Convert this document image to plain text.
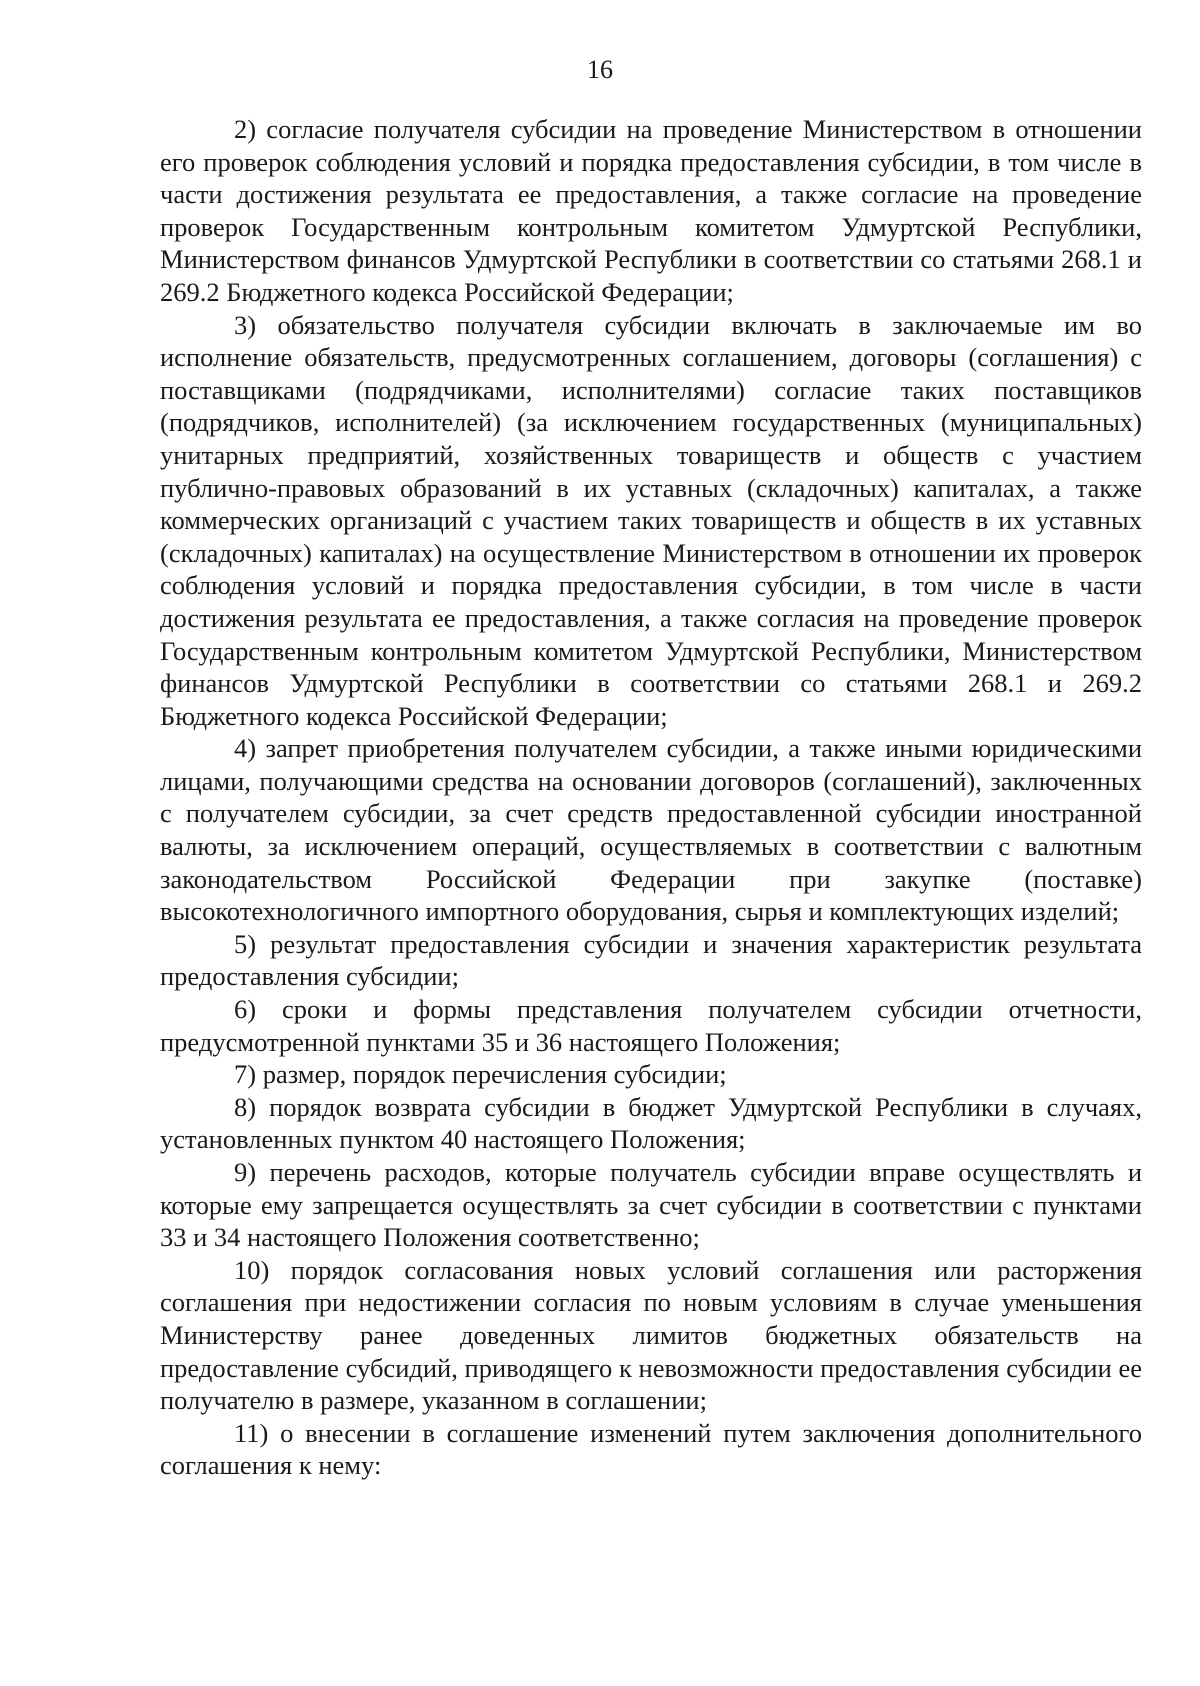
16

2) согласие получателя субсидии на проведение Министерством в отношении его проверок соблюдения условий и порядка предоставления субсидии, в том числе в части достижения результата ее предоставления, а также согласие на проведение проверок Государственным контрольным комитетом Удмуртской Республики, Министерством финансов Удмуртской Республики в соответствии со статьями 268.1 и 269.2 Бюджетного кодекса Российской Федерации;

3) обязательство получателя субсидии включать в заключаемые им во исполнение обязательств, предусмотренных соглашением, договоры (соглашения) с поставщиками (подрядчиками, исполнителями) согласие таких поставщиков (подрядчиков, исполнителей) (за исключением государственных (муниципальных) унитарных предприятий, хозяйственных товариществ и обществ с участием публично-правовых образований в их уставных (складочных) капиталах, а также коммерческих организаций с участием таких товариществ и обществ в их уставных (складочных) капиталах) на осуществление Министерством в отношении их проверок соблюдения условий и порядка предоставления субсидии, в том числе в части достижения результата ее предоставления, а также согласия на проведение проверок Государственным контрольным комитетом Удмуртской Республики, Министерством финансов Удмуртской Республики в соответствии со статьями 268.1 и 269.2 Бюджетного кодекса Российской Федерации;

4) запрет приобретения получателем субсидии, а также иными юридическими лицами, получающими средства на основании договоров (соглашений), заключенных с получателем субсидии, за счет средств предоставленной субсидии иностранной валюты, за исключением операций, осуществляемых в соответствии с валютным законодательством Российской Федерации при закупке (поставке) высокотехнологичного импортного оборудования, сырья и комплектующих изделий;

5) результат предоставления субсидии и значения характеристик результата предоставления субсидии;

6) сроки и формы представления получателем субсидии отчетности, предусмотренной пунктами 35 и 36 настоящего Положения;

7) размер, порядок перечисления субсидии;

8) порядок возврата субсидии в бюджет Удмуртской Республики в случаях, установленных пунктом 40 настоящего Положения;

9) перечень расходов, которые получатель субсидии вправе осуществлять и которые ему запрещается осуществлять за счет субсидии в соответствии с пунктами 33 и 34 настоящего Положения соответственно;

10) порядок согласования новых условий соглашения или расторжения соглашения при недостижении согласия по новым условиям в случае уменьшения Министерству ранее доведенных лимитов бюджетных обязательств на предоставление субсидий, приводящего к невозможности предоставления субсидии ее получателю в размере, указанном в соглашении;

11) о внесении в соглашение изменений путем заключения дополнительного соглашения к нему:
